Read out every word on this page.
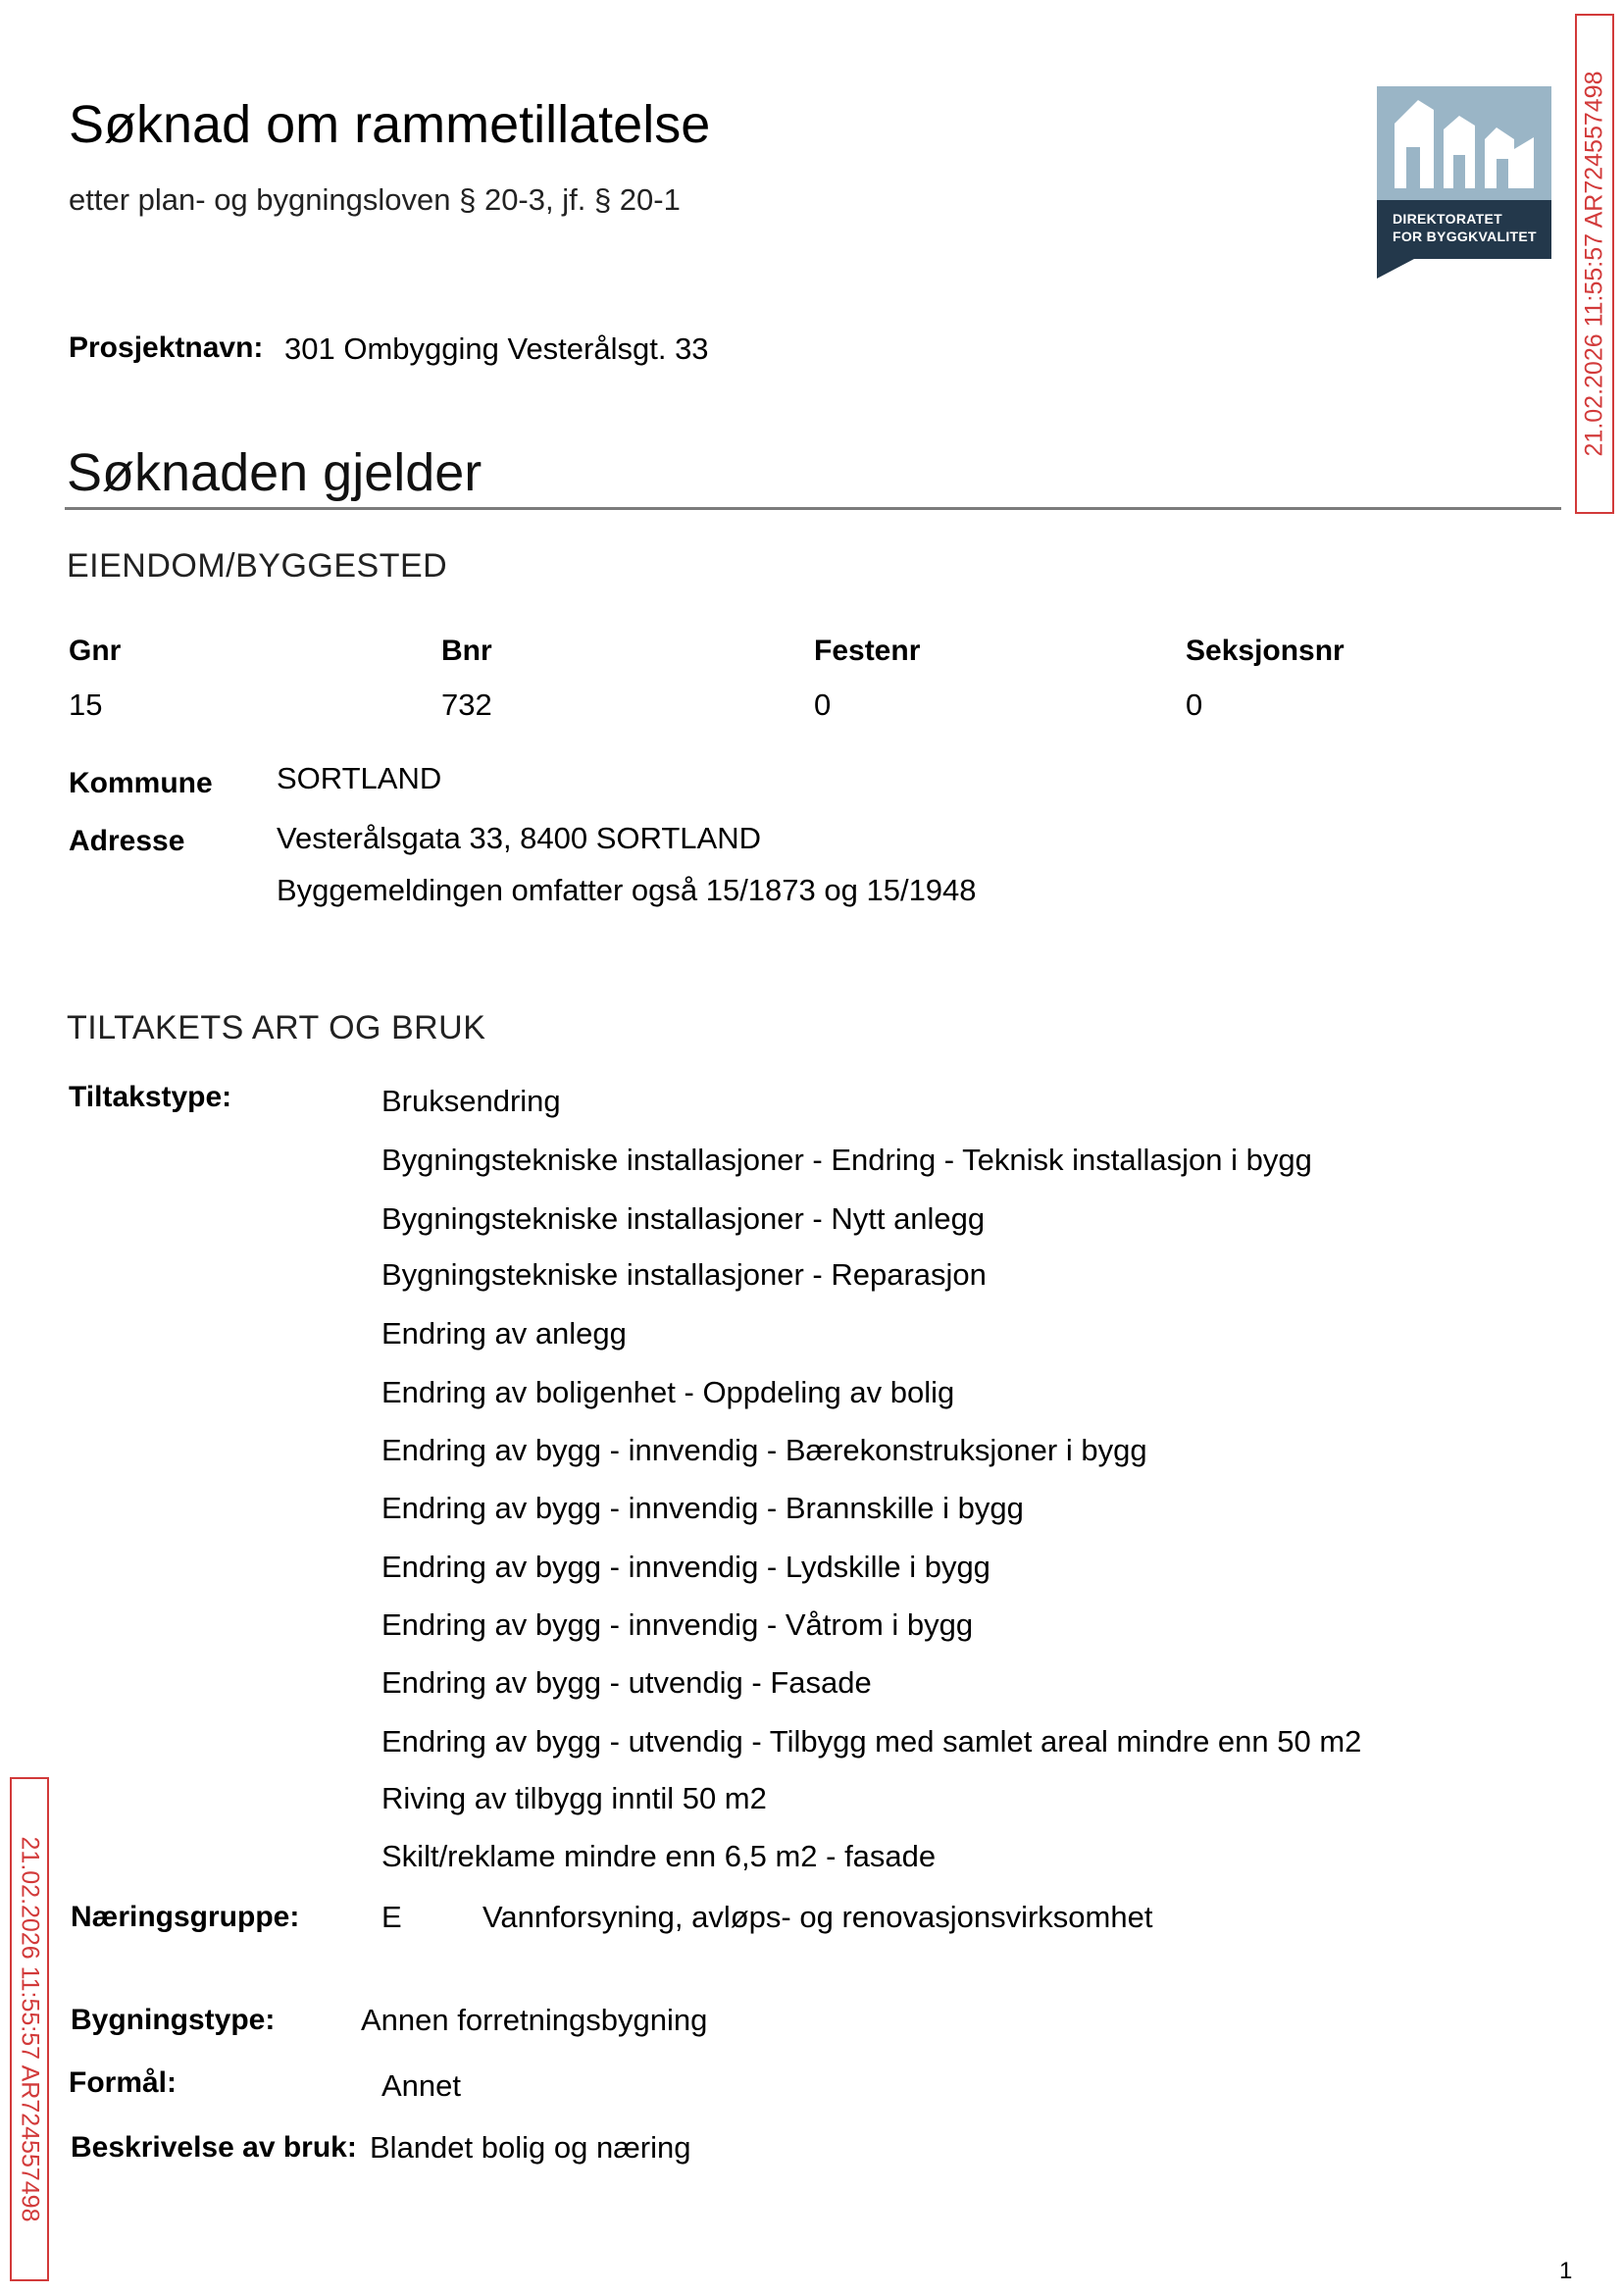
Søknad om rammetillatelse
etter plan- og bygningsloven § 20-3, jf. § 20-1
DIREKTORATET
FOR BYGGKVALITET 21.02.2026 11:55:57 AR724557498
21.02.2026 11:55:57 AR724557498
Prosjektnavn: 301 Ombygging Vesterålsgt. 33
Søknaden gjelder
EIENDOM/BYGGESTED
Gnr	Bnr	Festenr	Seksjonsnr
15	732	0	0
Kommune SORTLAND
Adresse	Vesterålsgata 33, 8400 SORTLAND
Byggemeldingen omfatter også 15/1873 og 15/1948
TILTAKETS ART OG BRUK
Tiltakstype:	Bruksendring
Bygningstekniske installasjoner - Endring - Teknisk installasjon i bygg
Bygningstekniske installasjoner - Nytt anlegg
Bygningstekniske installasjoner - Reparasjon
Endring av anlegg
Endring av boligenhet - Oppdeling av bolig
Endring av bygg - innvendig - Bærekonstruksjoner i bygg
Endring av bygg - innvendig - Brannskille i bygg
Endring av bygg - innvendig - Lydskille i bygg
Endring av bygg - innvendig - Våtrom i bygg
Endring av bygg - utvendig - Fasade
Endring av bygg - utvendig - Tilbygg med samlet areal mindre enn 50 m2
Riving av tilbygg inntil 50 m2
Skilt/reklame mindre enn 6,5 m2 - fasade
Næringsgruppe:	E	Vannforsyning, avløps- og renovasjonsvirksomhet
Bygningstype:	Annen forretningsbygning
Formål:	Annet
Beskrivelse av bruk: Blandet bolig og næring
1
